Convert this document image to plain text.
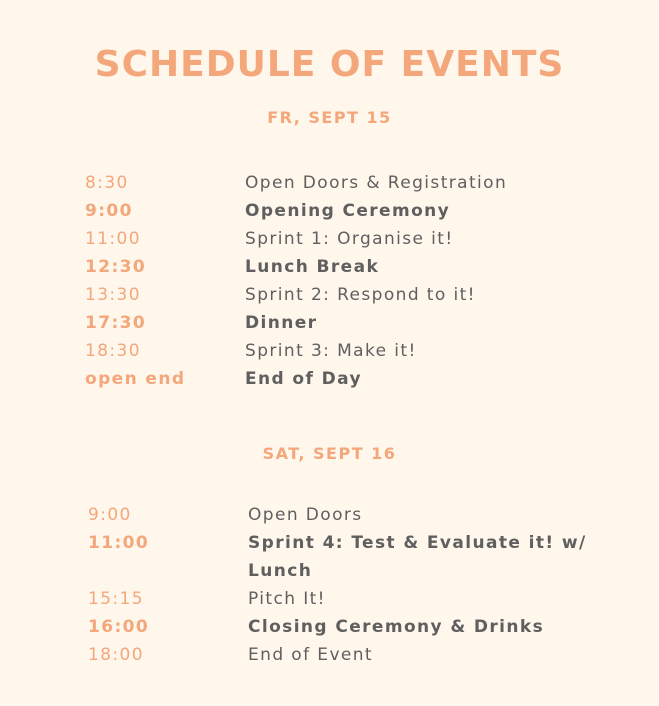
SCHEDULE OF EVENTS
FR, SEPT 15
8:30	Open Doors & Registration
9:00	Opening Ceremony
11:00	Sprint 1: Organise it!
12:30	Lunch Break
13:30	Sprint 2: Respond to it!
17:30	Dinner
18:30	Sprint 3: Make it!
open end	End of Day
SAT, SEPT 16
9:00	Open Doors
11:00	Sprint 4: Test & Evaluate it! w/ Lunch
15:15	Pitch It!
16:00	Closing Ceremony & Drinks
18:00	End of Event
